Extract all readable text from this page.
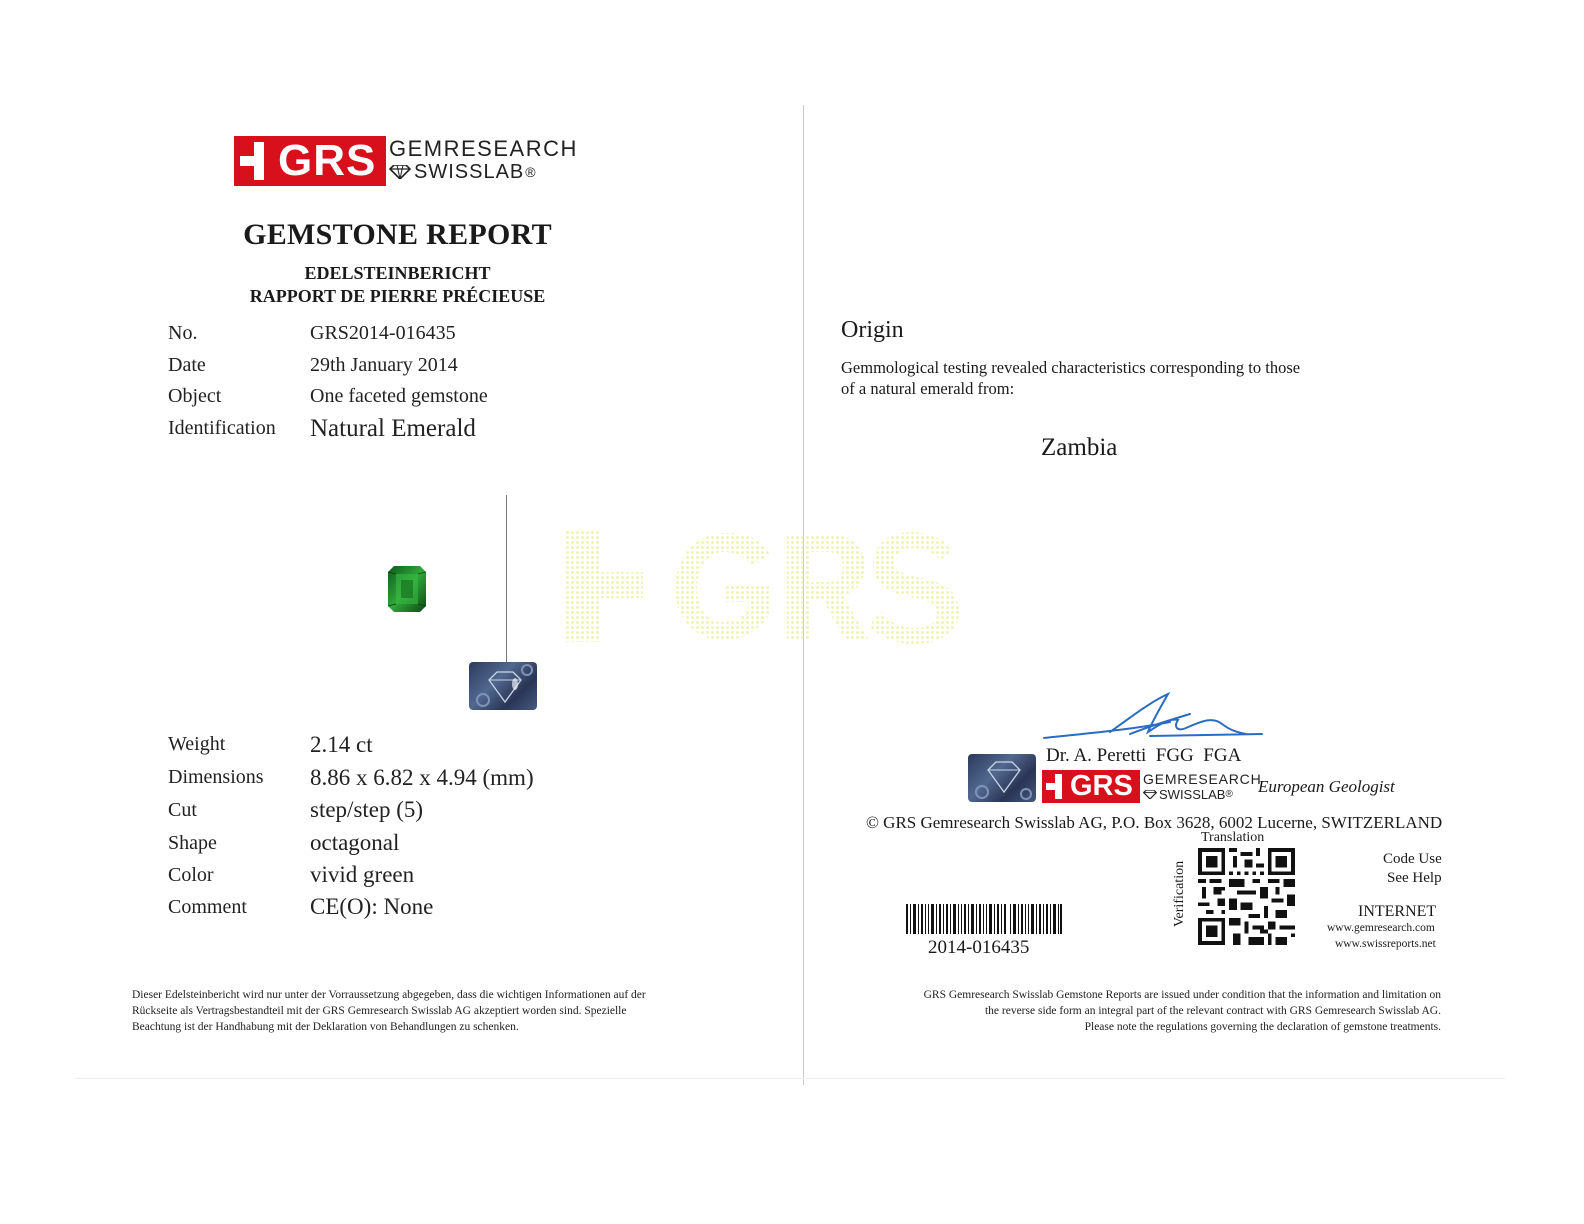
GRS GEMRESEARCH
SWISSLAB ®
GEMSTONE REPORT
EDELSTEINBERICHT
RAPPORT DE PIERRE PRÉCIEUSE
No.	GRS2014-016435
Date	29th January 2014
Object	One faceted gemstone
Identification Natural Emerald
Weight	2.14 ct
Dimensions 8.86 x 6.82 x 4.94 (mm)
Cut	step/step (5)
Shape	octagonal
Color	vivid green
Comment	CE(O): None
Dieser Edelsteinbericht wird nur unter der Vorraussetzung abgegeben, dass die wichtigen Informationen auf der
Rückseite als Vertragsbestandteil mit der GRS Gemresearch Swisslab AG akzeptiert worden sind. Spezielle
Beachtung ist der Handhabung mit der Deklaration von Behandlungen zu schenken.
Origin
Gemmological testing revealed characteristics corresponding to those
of a natural emerald from:
Zambia
Dr. A. Peretti  FGG  FGA
GRS GEMRESEARCH
SWISSLAB ® European Geologist
© GRS Gemresearch Swisslab AG, P.O. Box 3628, 6002 Lucerne, SWITZERLAND
Translation
Verification
Code Use
See Help
INTERNET
www.gemresearch.com
www.swissreports.net
2014-016435
GRS Gemresearch Swisslab Gemstone Reports are issued under condition that the information and limitation on
the reverse side form an integral part of the relevant contract with GRS Gemresearch Swisslab AG.
Please note the regulations governing the declaration of gemstone treatments.
